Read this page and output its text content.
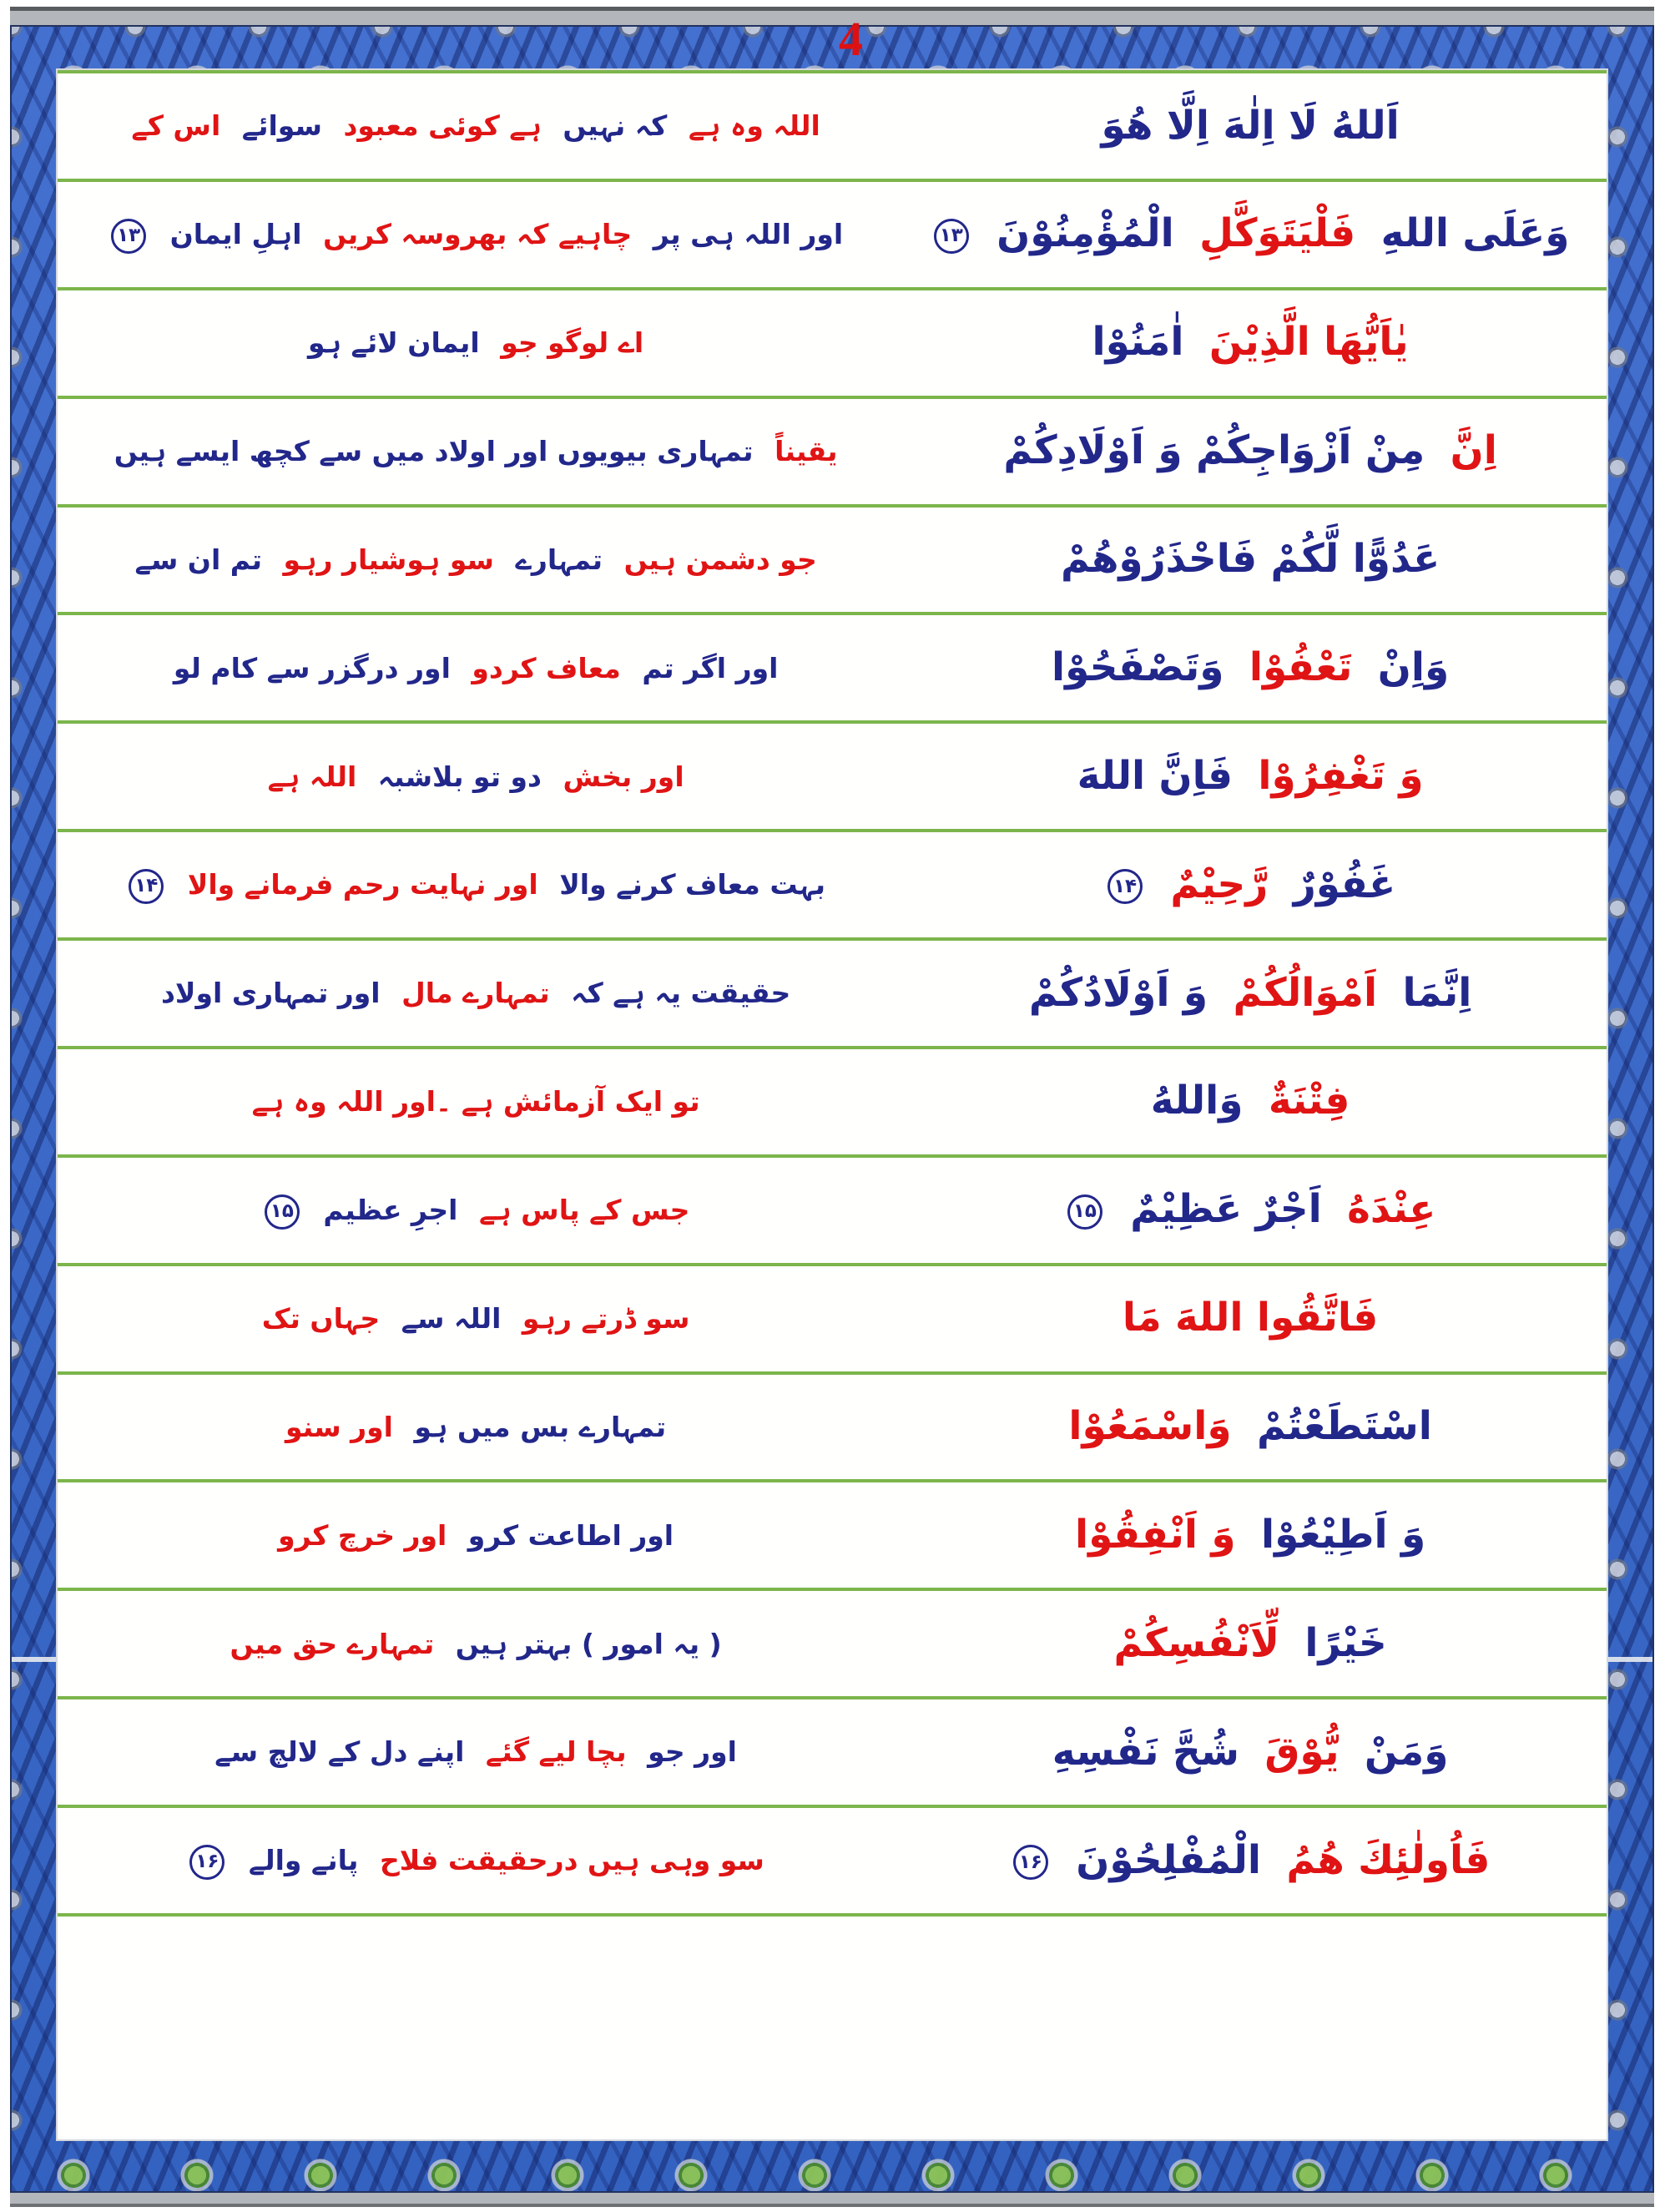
4
اَللهُ لَا اِلٰهَ اِلَّا هُوَ
اللہ وہ ہے کہ نہیں ہے کوئی معبود سوائے اس کے
وَعَلَى اللهِ فَلْيَتَوَكَّلِ الْمُؤْمِنُوْنَ ۱۳
اور اللہ ہی پر چاہیے کہ بھروسہ کریں اہلِ ایمان ۱۳
يٰاَيُّهَا الَّذِيْنَ اٰمَنُوْا
اے لوگو جو ایمان لائے ہو
اِنَّ مِنْ اَزْوَاجِكُمْ وَ اَوْلَادِكُمْ
یقیناً تمہاری بیویوں اور اولاد میں سے کچھ ایسے ہیں
عَدُوًّا لَّكُمْ فَاحْذَرُوْهُمْ
جو دشمن ہیں تمہارے سو ہوشیار رہو تم ان سے
وَاِنْ تَعْفُوْا وَتَصْفَحُوْا
اور اگر تم معاف کردو اور درگزر سے کام لو
وَ تَغْفِرُوْا فَاِنَّ اللهَ
اور بخش دو تو بلاشبہ اللہ ہے
غَفُوْرٌ رَّحِيْمٌ ۱۴
بہت معاف کرنے والا اور نہایت رحم فرمانے والا ۱۴
اِنَّمَا اَمْوَالُكُمْ وَ اَوْلَادُكُمْ
حقیقت یہ ہے کہ تمہارے مال اور تمہاری اولاد
فِتْنَةٌ وَاللهُ
تو ایک آزمائش ہے ۔اور اللہ وہ ہے
عِنْدَهُ اَجْرٌ عَظِيْمٌ ۱۵
جس کے پاس ہے اجرِ عظیم ۱۵
فَاتَّقُوا اللهَ مَا
سو ڈرتے رہو اللہ سے جہاں تک
اسْتَطَعْتُمْ وَاسْمَعُوْا
تمہارے بس میں ہو اور سنو
وَ اَطِيْعُوْا وَ اَنْفِقُوْا
اور اطاعت کرو اور خرچ کرو
خَيْرًا لِّاَنْفُسِكُمْ
( یہ امور ) بہتر ہیں تمہارے حق میں
وَمَنْ يُّوْقَ شُحَّ نَفْسِهِ
اور جو بچا لیے گئے اپنے دل کے لالچ سے
فَاُولٰئِكَ هُمُ الْمُفْلِحُوْنَ ۱۶
سو وہی ہیں درحقیقت فلاح پانے والے ۱۶
